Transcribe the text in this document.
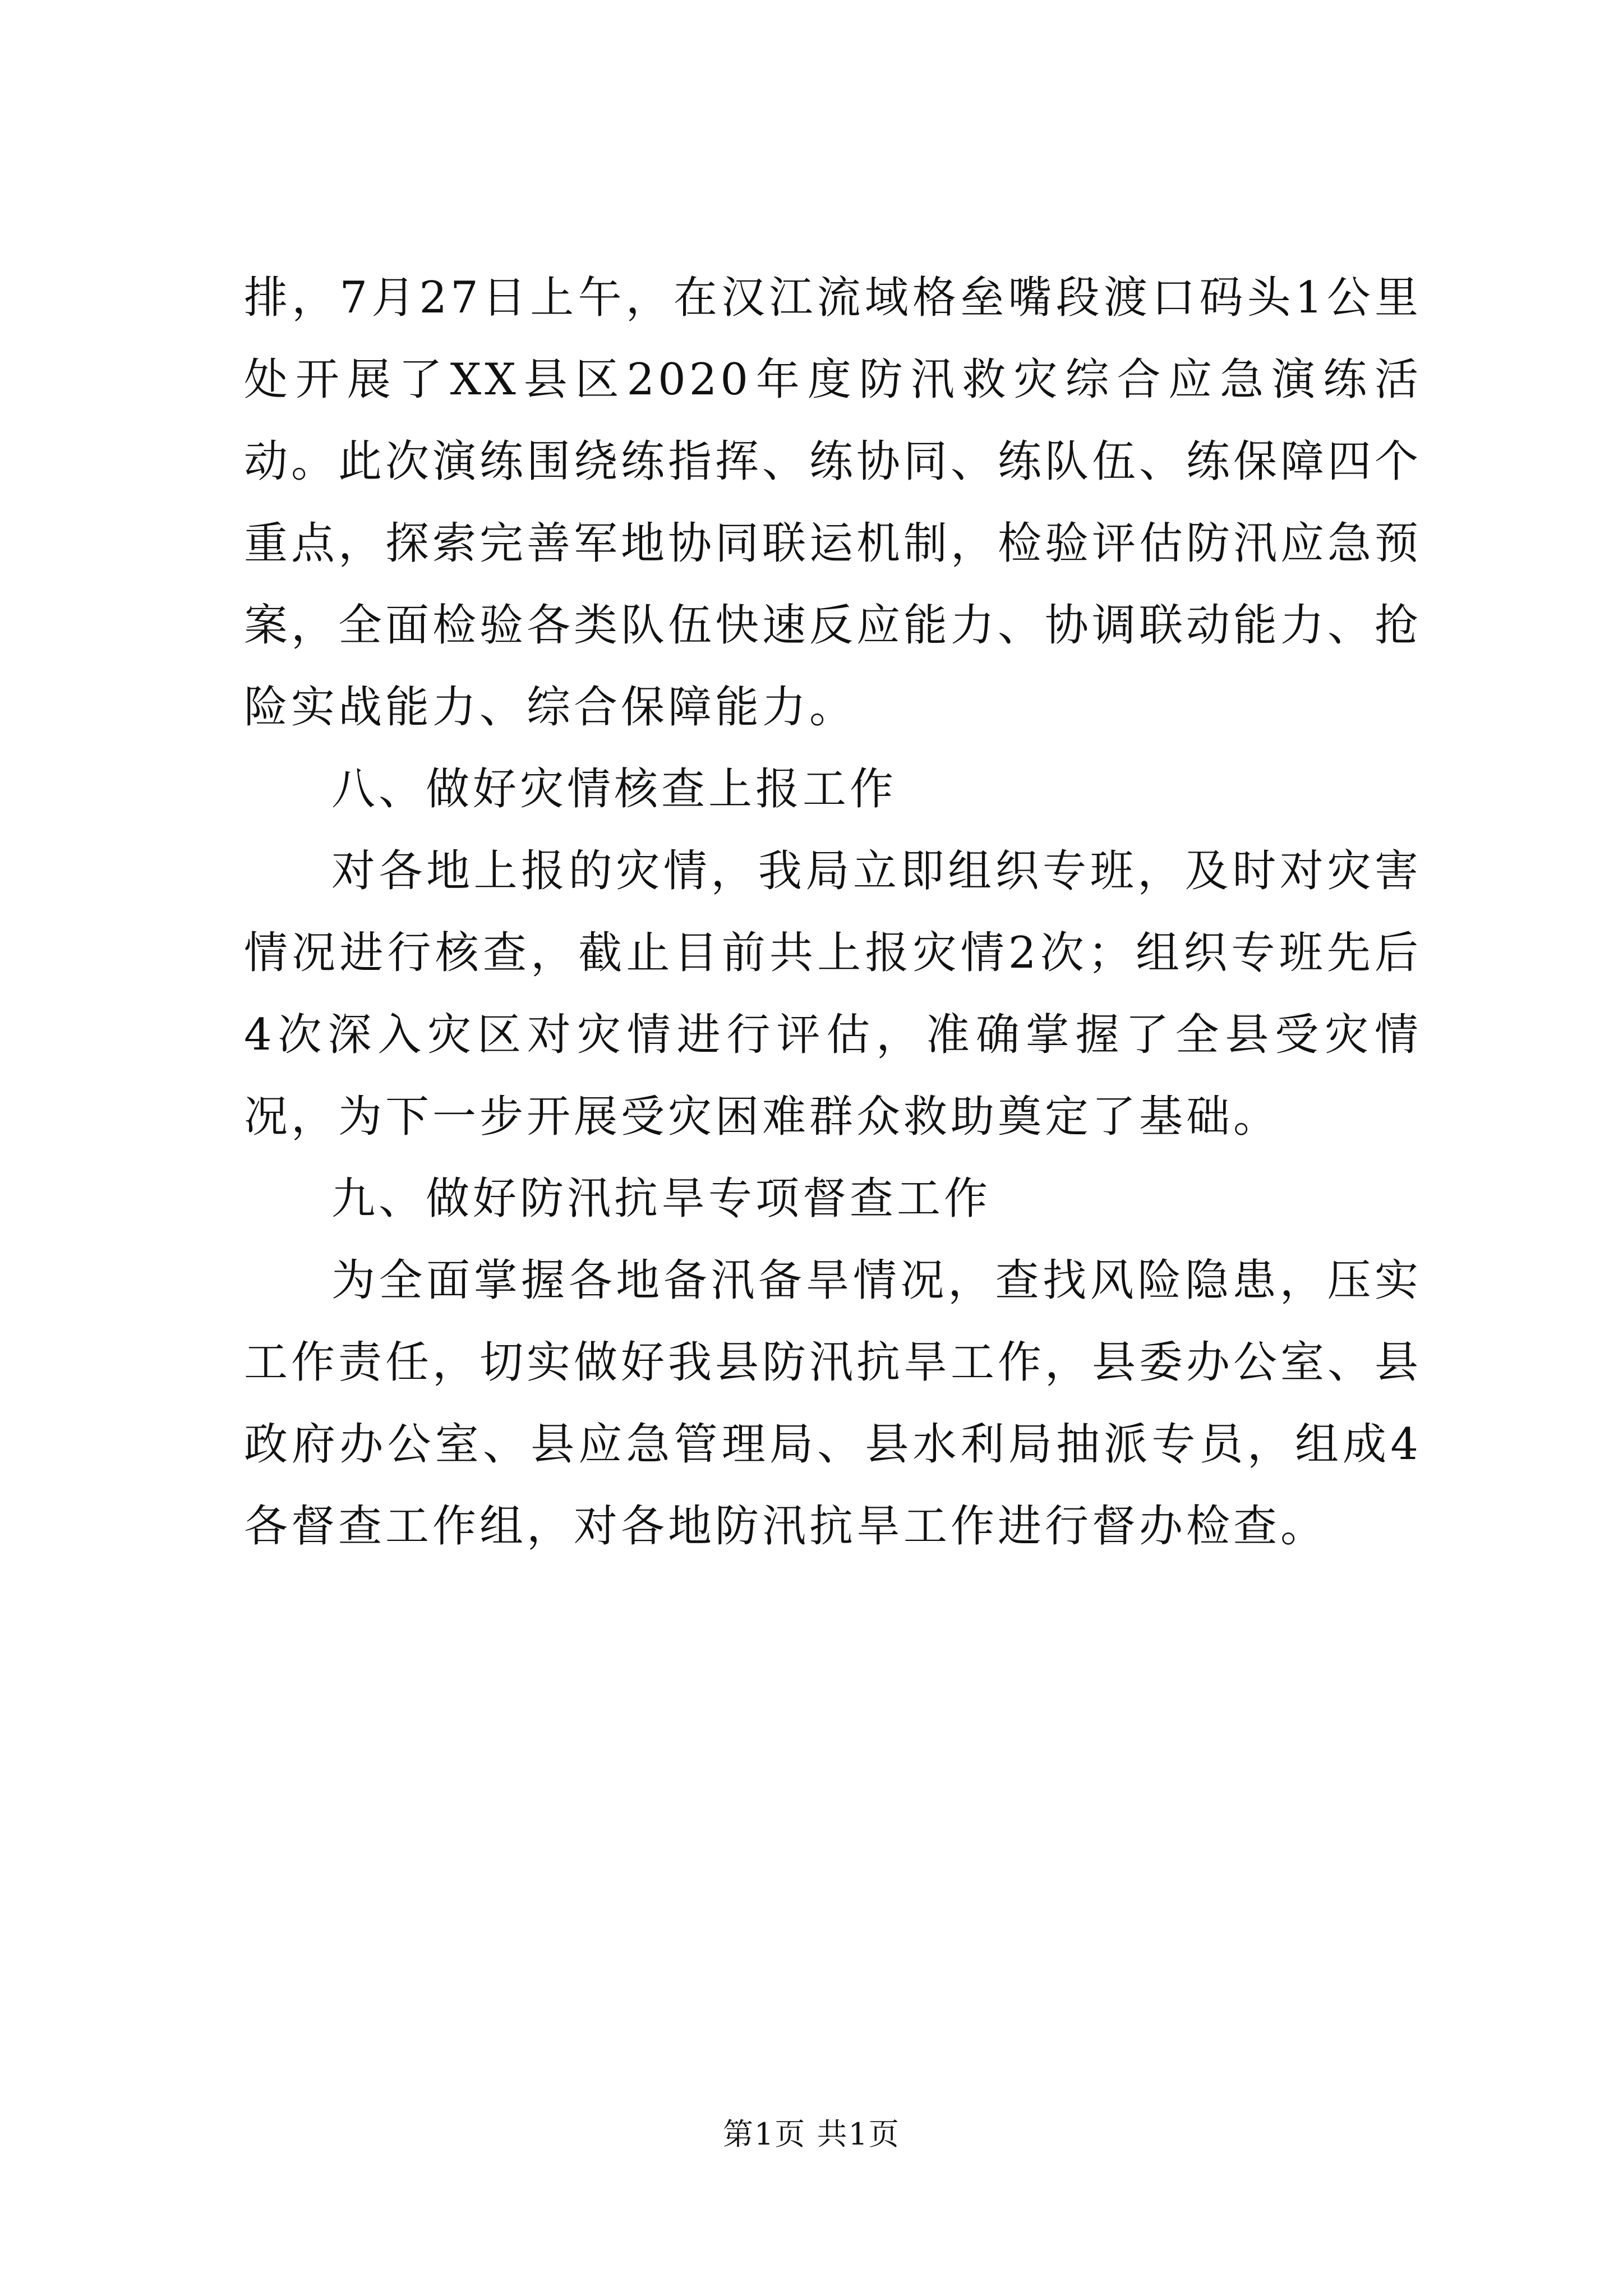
排，7月27日上午，在汉江流域格垒嘴段渡口码头1公里处开展了XX县区2020年度防汛救灾综合应急演练活动。此次演练围绕练指挥、练协同、练队伍、练保障四个重点，探索完善军地协同联运机制，检验评估防汛应急预案，全面检验各类队伍快速反应能力、协调联动能力、抢险实战能力、综合保障能力。

八、做好灾情核查上报工作

对各地上报的灾情，我局立即组织专班，及时对灾害情况进行核查，截止目前共上报灾情2次；组织专班先后4次深入灾区对灾情进行评估，准确掌握了全县受灾情况，为下一步开展受灾困难群众救助奠定了基础。

九、做好防汛抗旱专项督查工作

为全面掌握各地备汛备旱情况，查找风险隐患，压实工作责任，切实做好我县防汛抗旱工作，县委办公室、县政府办公室、县应急管理局、县水利局抽派专员，组成4各督查工作组，对各地防汛抗旱工作进行督办检查。

第1页 共1页
